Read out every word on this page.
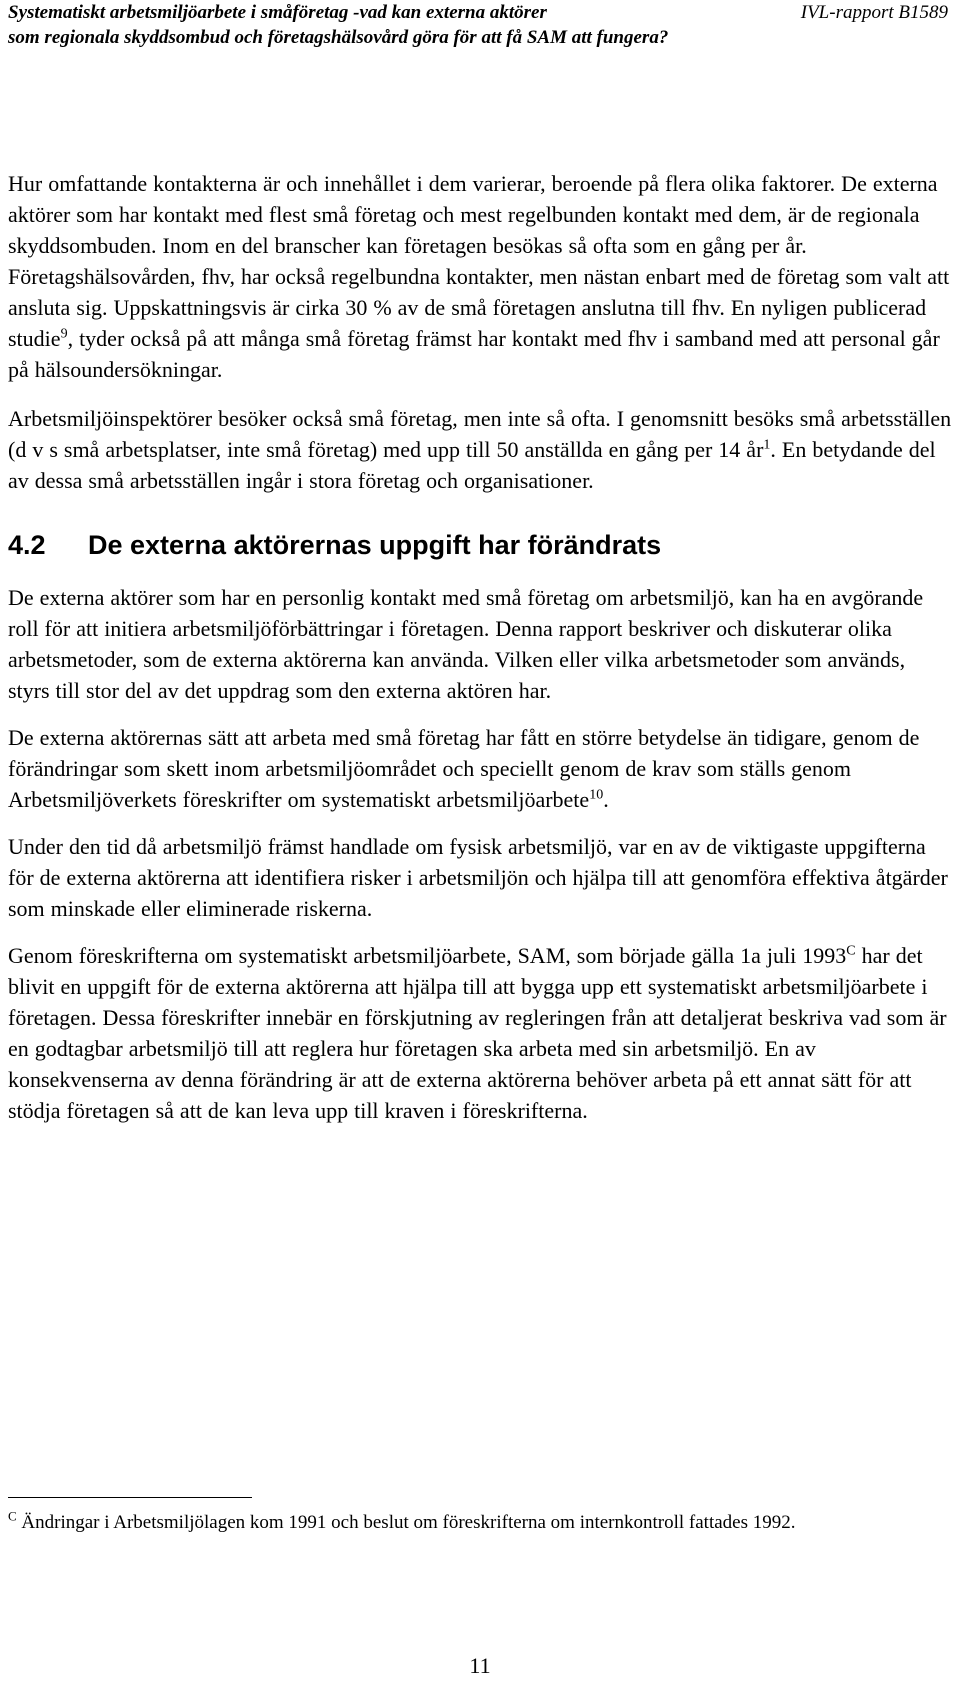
Systematiskt arbetsmiljöarbete i småföretag -vad kan externa aktörer
som regionala skyddsombud och företagshälsovård göra för att få SAM att fungera?
IVL-rapport B1589

Hur omfattande kontakterna är och innehållet i dem varierar, beroende på flera olika faktorer. De externa aktörer som har kontakt med flest små företag och mest regelbunden kontakt med dem, är de regionala skyddsombuden. Inom en del branscher kan företagen besökas så ofta som en gång per år. Företagshälsovården, fhv, har också regelbundna kontakter, men nästan enbart med de företag som valt att ansluta sig. Uppskattningsvis är cirka 30 % av de små företagen anslutna till fhv. En nyligen publicerad studie$^9$, tyder också på att många små företag främst har kontakt med fhv i samband med att personal går på hälsoundersökningar.

Arbetsmiljöinspektörer besöker också små företag, men inte så ofta. I genomsnitt besöks små arbetsställen (d v s små arbetsplatser, inte små företag) med upp till 50 anställda en gång per 14 $år^1$. En betydande del av dessa små arbetsställen ingår i stora företag och organisationer.

4.2 De externa aktörernas uppgift har förändrats

De externa aktörer som har en personlig kontakt med små företag om arbetsmiljö, kan ha en avgörande roll för att initiera arbetsmiljöförbättringar i företagen. Denna rapport beskriver och diskuterar olika arbetsmetoder, som de externa aktörerna kan använda. Vilken eller vilka arbetsmetoder som används, styrs till stor del av det uppdrag som den externa aktören har.

De externa aktörernas sätt att arbeta med små företag har fått en större betydelse än tidigare, genom de förändringar som skett inom arbetsmiljöområdet och speciellt genom de krav som ställs genom Arbetsmiljöverkets föreskrifter om systematiskt arbetsmiljöarbete$^{10}$.

Under den tid då arbetsmiljö främst handlade om fysisk arbetsmiljö, var en av de viktigaste uppgifterna för de externa aktörerna att identifiera risker i arbetsmiljön och hjälpa till att genomföra effektiva åtgärder som minskade eller eliminerade riskerna.

Genom föreskrifterna om systematiskt arbetsmiljöarbete, SAM, som började gälla 1a juli $1993^C$ har det blivit en uppgift för de externa aktörerna att hjälpa till att bygga upp ett systematiskt arbetsmiljöarbete i företagen. Dessa föreskrifter innebär en förskjutning av regleringen från att detaljerat beskriva vad som är en godtagbar arbetsmiljö till att reglera hur företagen ska arbeta med sin arbetsmiljö. En av konsekvenserna av denna förändring är att de externa aktörerna behöver arbeta på ett annat sätt för att stödja företagen så att de kan leva upp till kraven i föreskrifterna.

$^C$ Ändringar i Arbetsmiljölagen kom 1991 och beslut om föreskrifterna om internkontroll fattades 1992.
11
